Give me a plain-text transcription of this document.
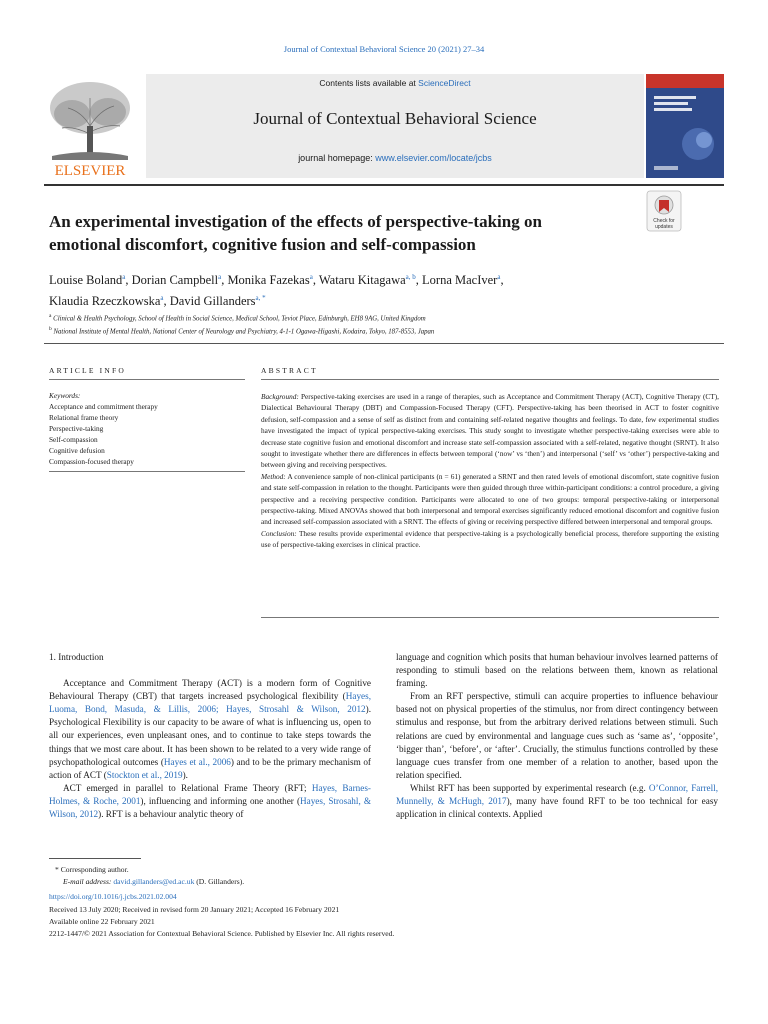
Journal of Contextual Behavioral Science 20 (2021) 27–34
ELSEVIER
Contents lists available at ScienceDirect
Journal of Contextual Behavioral Science
journal homepage: www.elsevier.com/locate/jcbs
An experimental investigation of the effects of perspective-taking on emotional discomfort, cognitive fusion and self-compassion
Check for
updates
Louise Boland$^a$, Dorian Campbell$^a$, Monika Fazekas$^a$, Wataru Kitagawa$^{a, b}$, Lorna MacIver$^a$,
Klaudia Rzeczkowska$^a$, David Gillanders$^{a, *}$
$^a$ Clinical & Health Psychology, School of Health in Social Science, Medical School, Teviot Place, Edinburgh, EH8 9AG, United Kingdom
$^b$ National Institute of Mental Health, National Center of Neurology and Psychiatry, 4-1-1 Ogawa-Higashi, Kodaira, Tokyo, 187-8553, Japan
ARTICLE INFO	ABSTRACT
Keywords:
Acceptance and commitment therapy
Relational frame theory
Perspective-taking
Self-compassion
Cognitive defusion
Compassion-focused therapy

Background: Perspective-taking exercises are used in a range of therapies, such as Acceptance and Commitment Therapy (ACT), Cognitive Therapy (CT), Dialectical Behavioural Therapy (DBT) and Compassion-Focused Therapy (CFT). Perspective-taking has been theorised in ACT to foster cognitive defusion, self-compassion and a sense of self as distinct from and containing self-related negative thoughts and feelings. To date, few experimental studies have investigated the impact of typical perspective-taking exercises. This study sought to investigate whether perspective-taking exercises were able to decrease state cognitive fusion and emotional discomfort and increase state self-compassion associated with a self-related, negative thought (SRNT). It also sought to investigate whether there are differences in effects between temporal (‘now’ vs ‘then’) and interpersonal (‘self’ vs ‘other’) perspective-taking and between giving and receiving perspectives.

Method: A convenience sample of non-clinical participants (n = 61) generated a SRNT and then rated levels of emotional discomfort, state cognitive fusion and state self-compassion in relation to the thought. Participants were then guided through three within-participant conditions: a control procedure, a giving perspective and a receiving perspective condition. Participants were allocated to one of two groups: temporal perspective-taking or interpersonal perspective-taking. Mixed ANOVAs showed that both interpersonal and temporal exercises significantly reduced emotional discomfort and cognitive fusion and increased self-compassion associated with a SRNT. The effects of giving or receiving perspective differed between interpersonal and temporal groups.

Conclusion: These results provide experimental evidence that perspective-taking is a psychologically beneficial process, therefore supporting the existing use of perspective-taking exercises in clinical practice.

1. Introduction

Acceptance and Commitment Therapy (ACT) is a modern form of Cognitive Behavioural Therapy (CBT) that targets increased psychological flexibility (Hayes, Luoma, Bond, Masuda, & Lillis, 2006; Hayes, Strosahl & Wilson, 2012). Psychological Flexibility is our capacity to be aware of what is influencing us, open to all our experiences, even unpleasant ones, and to continue to take steps towards the things that we most care about. It has been shown to be related to a very wide range of psychopathological outcomes (Hayes et al., 2006) and to be the primary mechanism of action of ACT (Stockton et al., 2019).

ACT emerged in parallel to Relational Frame Theory (RFT; Hayes, Barnes-Holmes, & Roche, 2001), influencing and informing one another (Hayes, Strosahl, & Wilson, 2012). RFT is a behaviour analytic theory of

language and cognition which posits that human behaviour involves learned patterns of responding to stimuli based on the relations between them, known as relational framing.

From an RFT perspective, stimuli can acquire properties to influence behaviour based not on physical properties of the stimulus, nor from direct contingency between stimulus and response, but from the arbitrary derived relations between stimuli. Such relations are cued by environmental and language cues such as ‘same as’, ‘opposite’, ‘bigger than’, ‘before’, or ‘after’. Crucially, the stimulus functions controlled by these language cues transfer from one member of a relation to another, based upon the relation specified.

Whilst RFT has been supported by experimental research (e.g. O’Connor, Farrell, Munnelly, & McHugh, 2017), many have found RFT to be too technical for easy application in clinical contexts. Applied

* Corresponding author.
E-mail address: david.gillanders@ed.ac.uk (D. Gillanders).
https://doi.org/10.1016/j.jcbs.2021.02.004
Received 13 July 2020; Received in revised form 20 January 2021; Accepted 16 February 2021
Available online 22 February 2021
2212-1447/© 2021 Association for Contextual Behavioral Science. Published by Elsevier Inc. All rights reserved.
